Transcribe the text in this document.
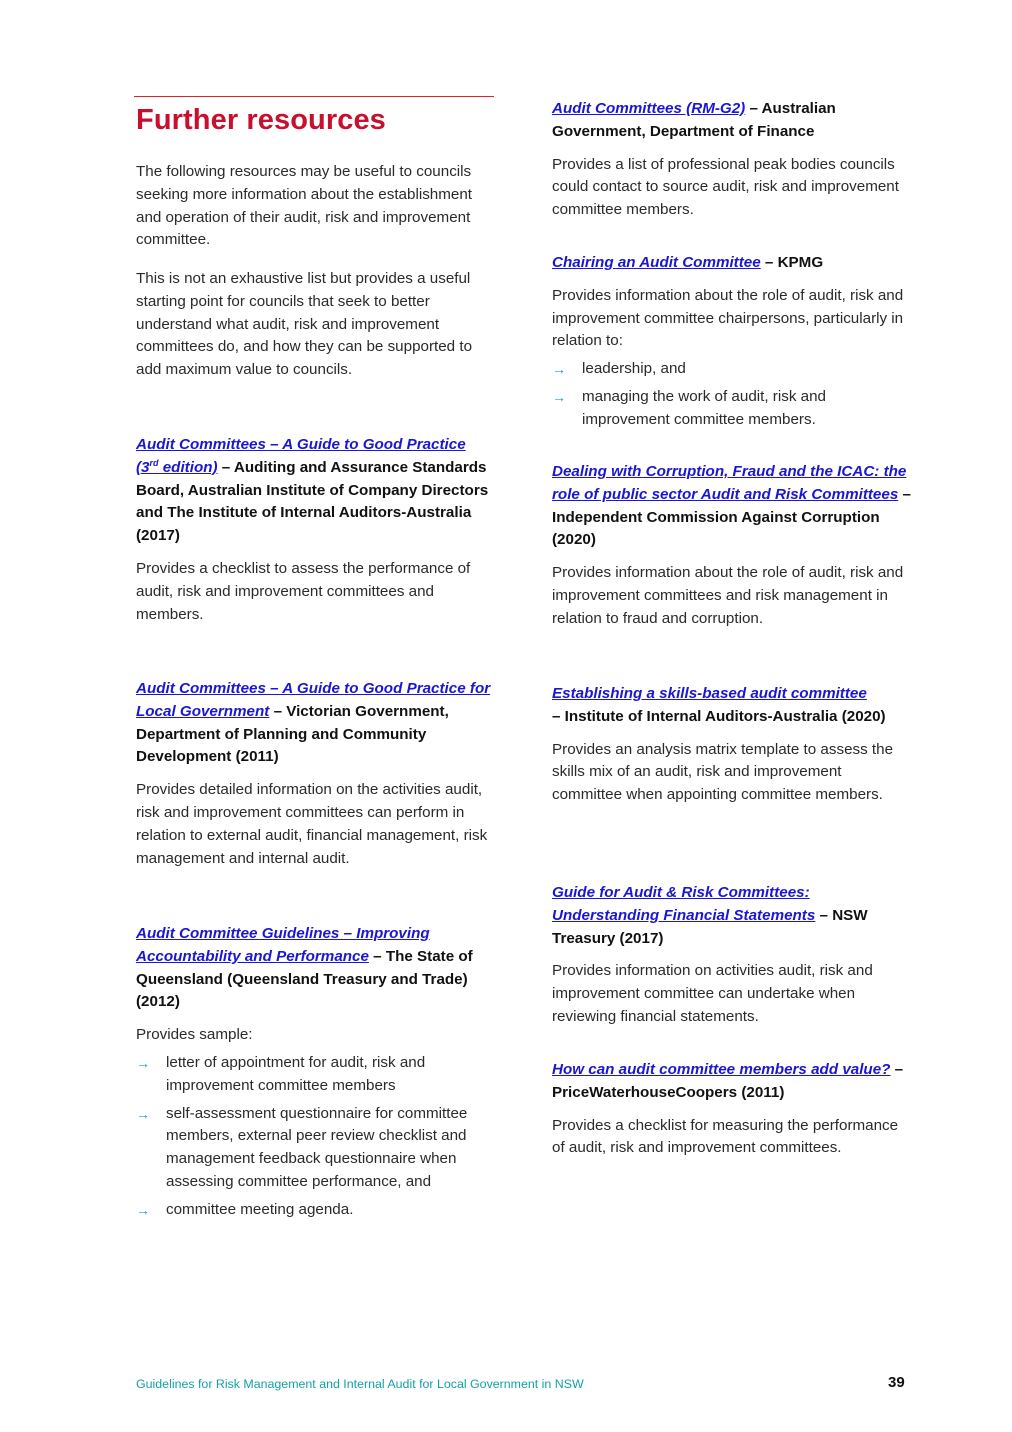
Further resources

The following resources may be useful to councils seeking more information about the establishment and operation of their audit, risk and improvement committee.

This is not an exhaustive list but provides a useful starting point for councils that seek to better understand what audit, risk and improvement committees do, and how they can be supported to add maximum value to councils.

Audit Committees – A Guide to Good Practice (3rd edition) – Auditing and Assurance Standards Board, Australian Institute of Company Directors and The Institute of Internal Auditors-Australia (2017)

Provides a checklist to assess the performance of audit, risk and improvement committees and members.

Audit Committees – A Guide to Good Practice for Local Government – Victorian Government, Department of Planning and Community Development (2011)

Provides detailed information on the activities audit, risk and improvement committees can perform in relation to external audit, financial management, risk management and internal audit.

Audit Committee Guidelines – Improving Accountability and Performance – The State of Queensland (Queensland Treasury and Trade) (2012)

Provides sample:

→ letter of appointment for audit, risk and improvement committee members
→ self-assessment questionnaire for committee members, external peer review checklist and management feedback questionnaire when assessing committee performance, and
→ committee meeting agenda.

Audit Committees (RM-G2) – Australian Government, Department of Finance

Provides a list of professional peak bodies councils could contact to source audit, risk and improvement committee members.

Chairing an Audit Committee – KPMG

Provides information about the role of audit, risk and improvement committee chairpersons, particularly in relation to:

→ leadership, and
→ managing the work of audit, risk and improvement committee members.

Dealing with Corruption, Fraud and the ICAC: the role of public sector Audit and Risk Committees – Independent Commission Against Corruption (2020)

Provides information about the role of audit, risk and improvement committees and risk management in relation to fraud and corruption.

Establishing a skills-based audit committee
– Institute of Internal Auditors-Australia (2020)

Provides an analysis matrix template to assess the skills mix of an audit, risk and improvement committee when appointing committee members.

Guide for Audit & Risk Committees: Understanding Financial Statements – NSW Treasury (2017)

Provides information on activities audit, risk and improvement committee can undertake when reviewing financial statements.

How can audit committee members add value? – PriceWaterhouseCoopers (2011)

Provides a checklist for measuring the performance of audit, risk and improvement committees.

Guidelines for Risk Management and Internal Audit for Local Government in NSW	39
